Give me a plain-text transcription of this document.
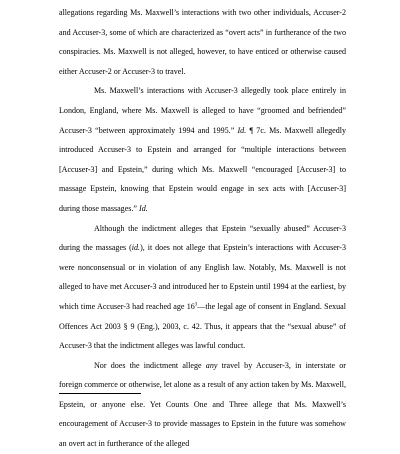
allegations regarding Ms. Maxwell’s interactions with two other individuals, Accuser-2 and Accuser-3, some of which are characterized as “overt acts” in furtherance of the two conspiracies. Ms. Maxwell is not alleged, however, to have enticed or otherwise caused either Accuser-2 or Accuser-3 to travel.

Ms. Maxwell’s interactions with Accuser-3 allegedly took place entirely in London, England, where Ms. Maxwell is alleged to have “groomed and befriended” Accuser-3 “between approximately 1994 and 1995.” Id. ¶ 7c. Ms. Maxwell allegedly introduced Accuser-3 to Epstein and arranged for “multiple interactions between [Accuser-3] and Epstein,” during which Ms. Maxwell “encouraged [Accuser-3] to massage Epstein, knowing that Epstein would engage in sex acts with [Accuser-3] during those massages.” Id.

Although the indictment alleges that Epstein “sexually abused” Accuser-3 during the massages (id.), it does not allege that Epstein’s interactions with Accuser-3 were nonconsensual or in violation of any English law. Notably, Ms. Maxwell is not alleged to have met Accuser-3 and introduced her to Epstein until 1994 at the earliest, by which time Accuser-3 had reached age $16^3—the$ legal age of consent in England. Sexual Offences Act 2003 § 9 (Eng.), 2003, c. 42. Thus, it appears that the “sexual abuse” of Accuser-3 that the indictment alleges was lawful conduct.

Nor does the indictment allege any travel by Accuser-3, in interstate or foreign commerce or otherwise, let alone as a result of any action taken by Ms. Maxwell, Epstein, or anyone else. Yet Counts One and Three allege that Ms. Maxwell’s encouragement of Accuser-3 to provide massages to Epstein in the future was somehow an overt act in furtherance of the alleged
